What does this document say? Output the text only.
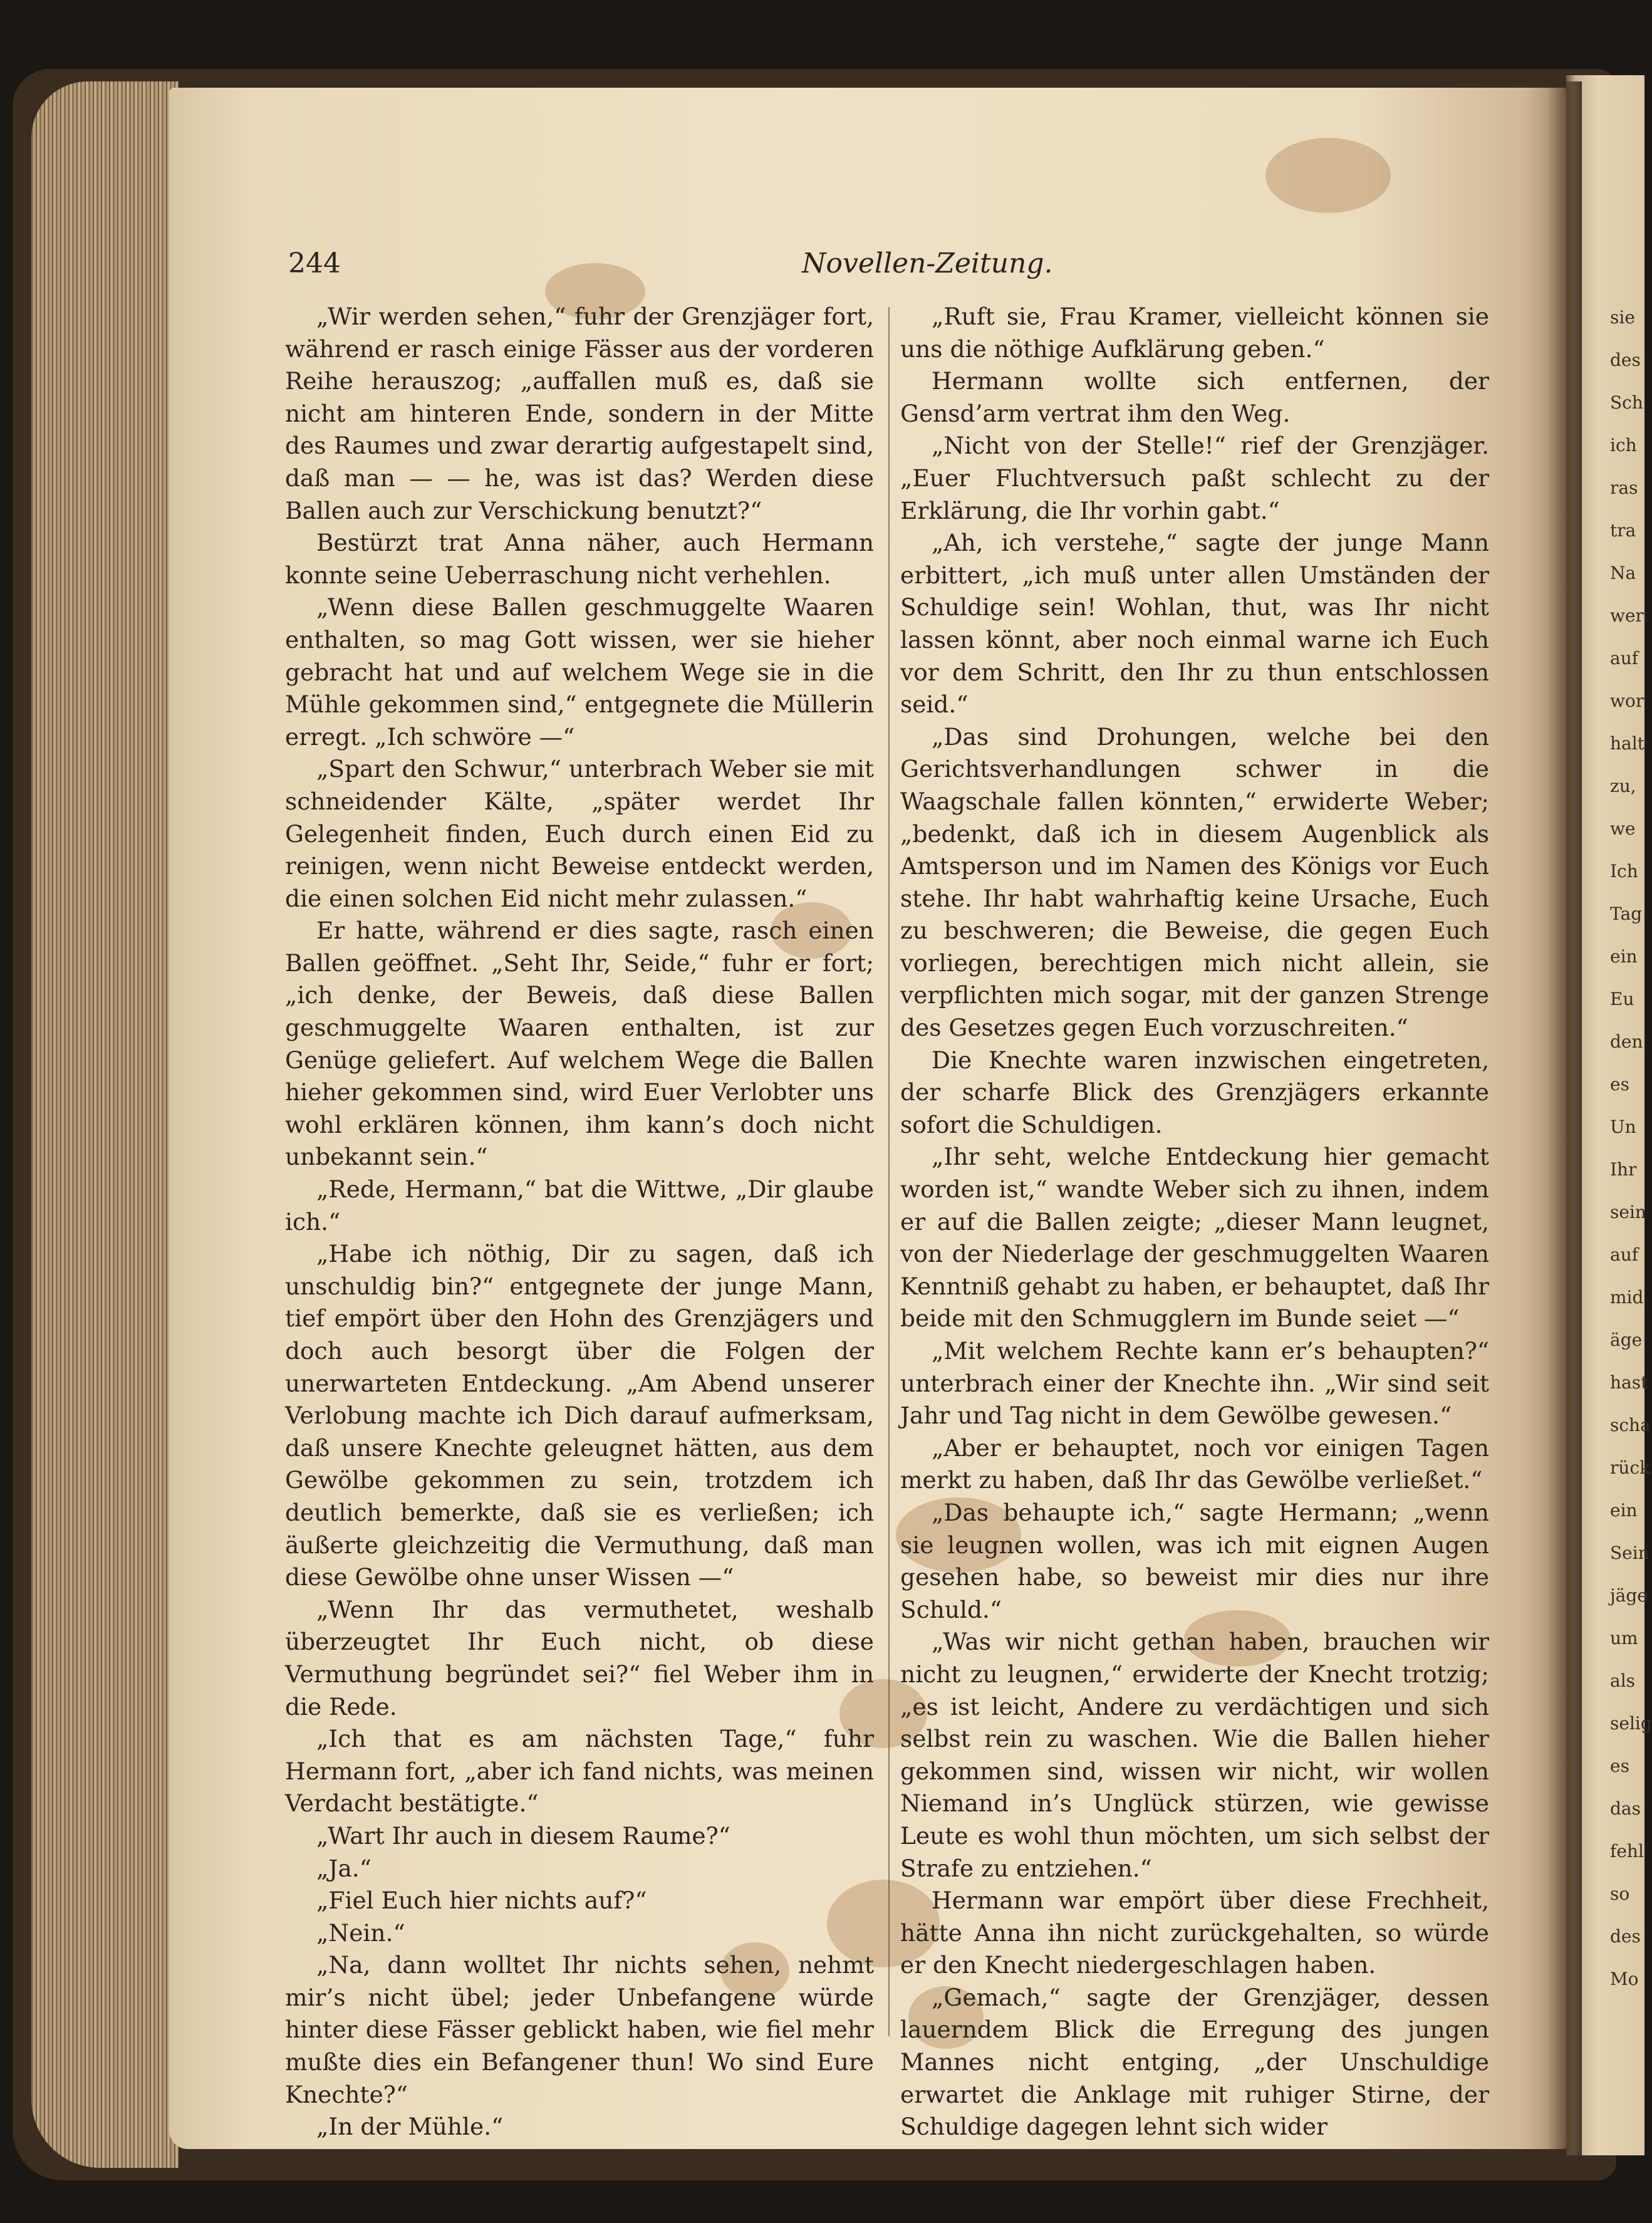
244	Novellen-Zeitung.

„Wir werden sehen,“ fuhr der Grenzjäger fort, während er rasch einige Fässer aus der vorderen Reihe herauszog; „auffallen muß es, daß sie nicht am hinteren Ende, sondern in der Mitte des Raumes und zwar derartig aufgestapelt sind, daß man — — he, was ist das? Werden diese Ballen auch zur Verschickung benutzt?“

Bestürzt trat Anna näher, auch Hermann konnte seine Ueberraschung nicht verhehlen.

„Wenn diese Ballen geschmuggelte Waaren enthalten, so mag Gott wissen, wer sie hieher gebracht hat und auf welchem Wege sie in die Mühle gekommen sind,“ entgegnete die Müllerin erregt. „Ich schwöre —“

„Spart den Schwur,“ unterbrach Weber sie mit schneidender Kälte, „später werdet Ihr Gelegenheit finden, Euch durch einen Eid zu reinigen, wenn nicht Beweise entdeckt werden, die einen solchen Eid nicht mehr zulassen.“

Er hatte, während er dies sagte, rasch einen Ballen geöffnet. „Seht Ihr, Seide,“ fuhr er fort; „ich denke, der Beweis, daß diese Ballen geschmuggelte Waaren enthalten, ist zur Genüge geliefert. Auf welchem Wege die Ballen hieher gekommen sind, wird Euer Verlobter uns wohl erklären können, ihm kann’s doch nicht unbekannt sein.“

„Rede, Hermann,“ bat die Wittwe, „Dir glaube ich.“

„Habe ich nöthig, Dir zu sagen, daß ich unschuldig bin?“ entgegnete der junge Mann, tief empört über den Hohn des Grenzjägers und doch auch besorgt über die Folgen der unerwarteten Entdeckung. „Am Abend unserer Verlobung machte ich Dich darauf aufmerksam, daß unsere Knechte geleugnet hätten, aus dem Gewölbe gekommen zu sein, trotzdem ich deutlich bemerkte, daß sie es verließen; ich äußerte gleichzeitig die Vermuthung, daß man diese Gewölbe ohne unser Wissen —“

„Wenn Ihr das vermuthetet, weshalb überzeugtet Ihr Euch nicht, ob diese Vermuthung begründet sei?“ fiel Weber ihm in die Rede.

„Ich that es am nächsten Tage,“ fuhr Hermann fort, „aber ich fand nichts, was meinen Verdacht bestätigte.“

„Wart Ihr auch in diesem Raume?“

„Ja.“

„Fiel Euch hier nichts auf?“

„Nein.“

„Na, dann wolltet Ihr nichts sehen, nehmt mir’s nicht übel; jeder Unbefangene würde hinter diese Fässer geblickt haben, wie fiel mehr mußte dies ein Befangener thun! Wo sind Eure Knechte?“

„In der Mühle.“

„Ruft sie, Frau Kramer, vielleicht können sie uns die nöthige Aufklärung geben.“

Hermann wollte sich entfernen, der Gensd’arm vertrat ihm den Weg.

„Nicht von der Stelle!“ rief der Grenzjäger. „Euer Fluchtversuch paßt schlecht zu der Erklärung, die Ihr vorhin gabt.“

„Ah, ich verstehe,“ sagte der junge Mann erbittert, „ich muß unter allen Umständen der Schuldige sein! Wohlan, thut, was Ihr nicht lassen könnt, aber noch einmal warne ich Euch vor dem Schritt, den Ihr zu thun entschlossen seid.“

„Das sind Drohungen, welche bei den Gerichtsverhandlungen schwer in die Waagschale fallen könnten,“ erwiderte Weber; „bedenkt, daß ich in diesem Augenblick als Amtsperson und im Namen des Königs vor Euch stehe. Ihr habt wahrhaftig keine Ursache, Euch zu beschweren; die Beweise, die gegen Euch vorliegen, berechtigen mich nicht allein, sie verpflichten mich sogar, mit der ganzen Strenge des Gesetzes gegen Euch vorzuschreiten.“

Die Knechte waren inzwischen eingetreten, der scharfe Blick des Grenzjägers erkannte sofort die Schuldigen.

„Ihr seht, welche Entdeckung hier gemacht worden ist,“ wandte Weber sich zu ihnen, indem er auf die Ballen zeigte; „dieser Mann leugnet, von der Niederlage der geschmuggelten Waaren Kenntniß gehabt zu haben, er behauptet, daß Ihr beide mit den Schmugglern im Bunde seiet —“

„Mit welchem Rechte kann er’s behaupten?“ unterbrach einer der Knechte ihn. „Wir sind seit Jahr und Tag nicht in dem Gewölbe gewesen.“

„Aber er behauptet, noch vor einigen Tagen merkt zu haben, daß Ihr das Gewölbe verließet.“

„Das behaupte ich,“ sagte Hermann; „wenn sie leugnen wollen, was ich mit eignen Augen gesehen habe, so beweist mir dies nur ihre Schuld.“

„Was wir nicht gethan haben, brauchen wir nicht zu leugnen,“ erwiderte der Knecht trotzig; „es ist leicht, Andere zu verdächtigen und sich selbst rein zu waschen. Wie die Ballen hieher gekommen sind, wissen wir nicht, wir wollen Niemand in’s Unglück stürzen, wie gewisse Leute es wohl thun möchten, um sich selbst der Strafe zu entziehen.“

Hermann war empört über diese Frechheit, hätte Anna ihn nicht zurückgehalten, so würde er den Knecht niedergeschlagen haben.

„Gemach,“ sagte der Grenzjäger, dessen lauerndem Blick die Erregung des jungen Mannes nicht entging, „der Unschuldige erwartet die Anklage mit ruhiger Stirne, der Schuldige dagegen lehnt sich wider

sie
des
Sch
ich
ras
tra
Na
wer
auf
wor
halt
zu,
we
Ich
Tag
ein
Eu
den
es
Un
Ihr
sein
auf
mid
äge
hast
scha
rück
ein
Sein
jäge
um
als
selig
es
das
fehl
so
des
Mo
